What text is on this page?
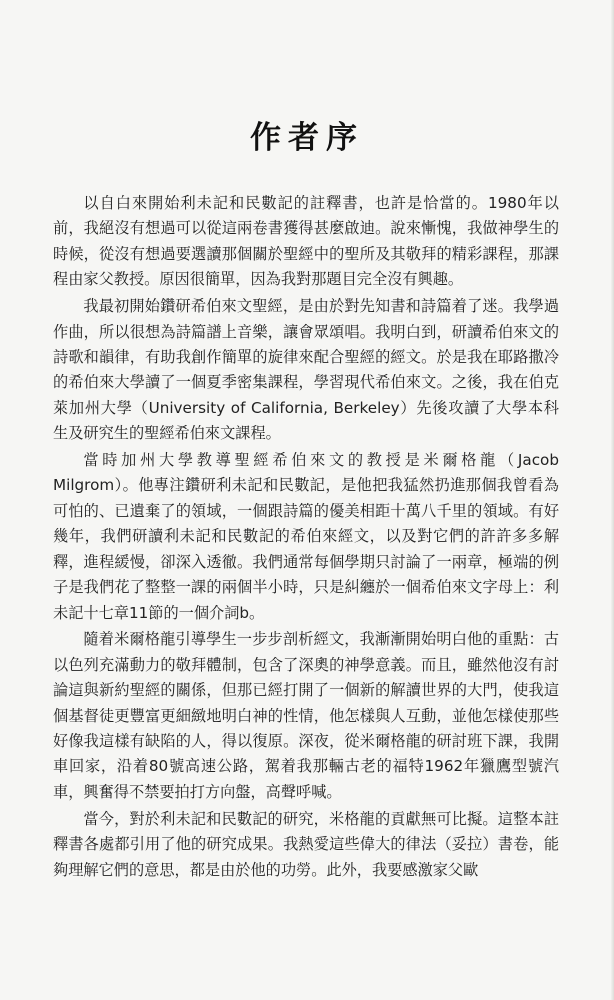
作者序

以自白來開始利未記和民數記的註釋書，也許是恰當的。1980年以前，我絕沒有想過可以從這兩卷書獲得甚麼啟迪。說來慚愧，我做神學生的時候，從沒有想過要選讀那個關於聖經中的聖所及其敬拜的精彩課程，那課程由家父教授。原因很簡單，因為我對那題目完全沒有興趣。

我最初開始鑽研希伯來文聖經，是由於對先知書和詩篇着了迷。我學過作曲，所以很想為詩篇譜上音樂，讓會眾頌唱。我明白到，研讀希伯來文的詩歌和韻律，有助我創作簡單的旋律來配合聖經的經文。於是我在耶路撒冷的希伯來大學讀了一個夏季密集課程，學習現代希伯來文。之後，我在伯克萊加州大學（University of California, Berkeley）先後攻讀了大學本科生及研究生的聖經希伯來文課程。

當時加州大學教導聖經希伯來文的教授是米爾格龍（Jacob Milgrom）。他專注鑽研利未記和民數記，是他把我猛然扔進那個我曾看為可怕的、已遺棄了的領域，一個跟詩篇的優美相距十萬八千里的領域。有好幾年，我們研讀利未記和民數記的希伯來經文，以及對它們的許許多多解釋，進程緩慢，卻深入透徹。我們通常每個學期只討論了一兩章，極端的例子是我們花了整整一課的兩個半小時，只是糾纏於一個希伯來文字母上：利未記十七章11節的一個介詞b。

隨着米爾格龍引導學生一步步剖析經文，我漸漸開始明白他的重點：古以色列充滿動力的敬拜體制，包含了深奧的神學意義。而且，雖然他沒有討論這與新約聖經的關係，但那已經打開了一個新的解讀世界的大門，使我這個基督徒更豐富更細緻地明白神的性情，他怎樣與人互動，並他怎樣使那些好像我這樣有缺陷的人，得以復原。深夜，從米爾格龍的研討班下課，我開車回家，沿着80號高速公路，駕着我那輛古老的福特1962年獵鷹型號汽車，興奮得不禁要拍打方向盤，高聲呼喊。

當今，對於利未記和民數記的研究，米格龍的貢獻無可比擬。這整本註釋書各處都引用了他的研究成果。我熱愛這些偉大的律法（妥拉）書卷，能夠理解它們的意思，都是由於他的功勞。此外，我要感激家父歐
